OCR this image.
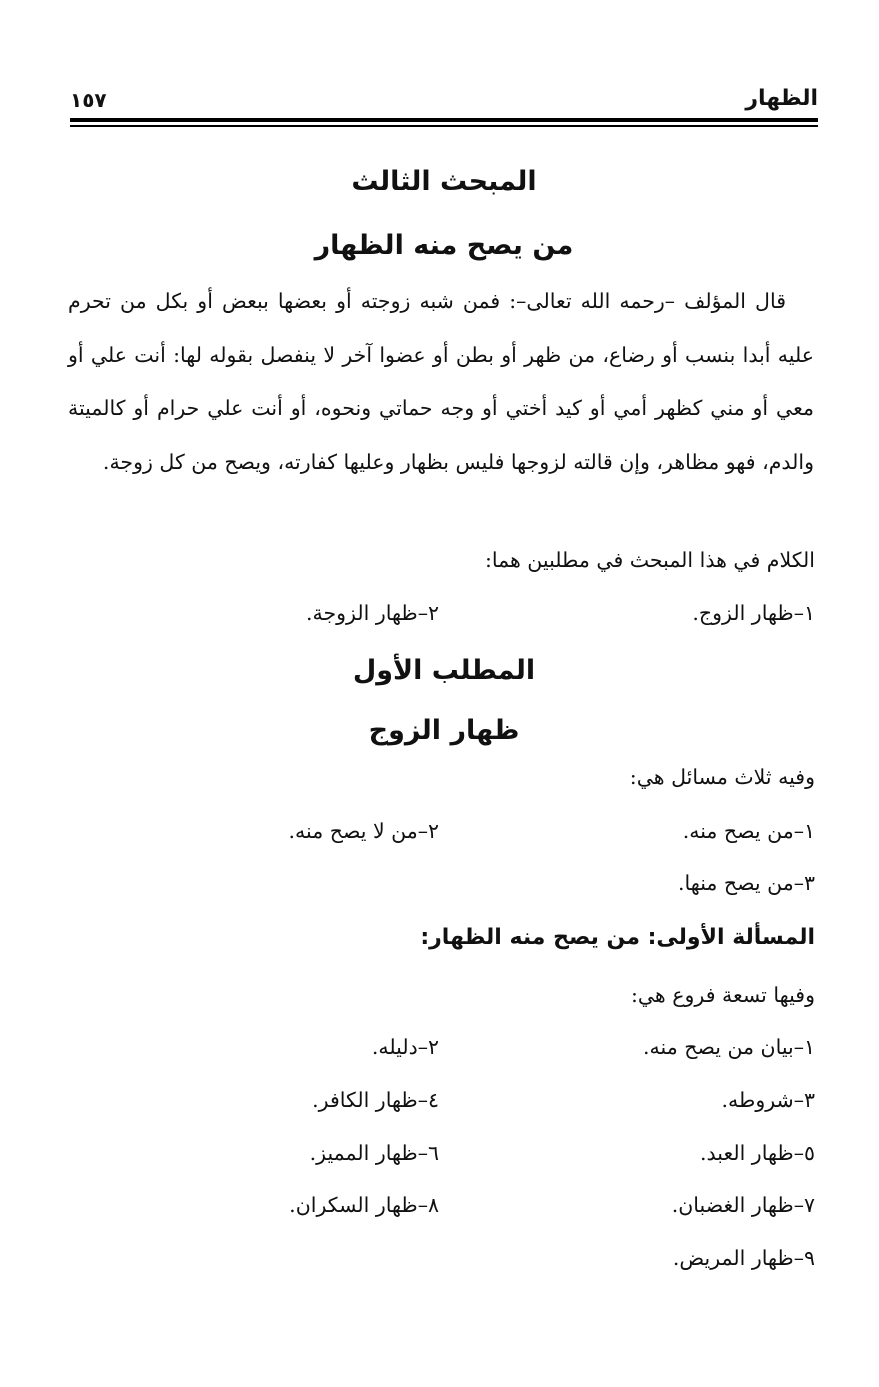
الظهار
١٥٧
المبحث الثالث
من يصح منه الظهار
قال المؤلف –رحمه الله تعالى–: فمن شبه زوجته أو بعضها ببعض أو بكل من تحرم عليه أبدا بنسب أو رضاع، من ظهر أو بطن أو عضوا آخر لا ينفصل بقوله لها: أنت علي أو معي أو مني كظهر أمي أو كيد أختي أو وجه حماتي ونحوه، أو أنت علي حرام أو كالميتة والدم، فهو مظاهر، وإن قالته لزوجها فليس بظهار وعليها كفارته، ويصح من كل زوجة.
الكلام في هذا المبحث في مطلبين هما:
١–ظهار الزوج.
٢–ظهار الزوجة.
المطلب الأول
ظهار الزوج
وفيه ثلاث مسائل هي:
١–من يصح منه.
٢–من لا يصح منه.
٣–من يصح منها.
المسألة الأولى: من يصح منه الظهار:
وفيها تسعة فروع هي:
١–بيان من يصح منه.
٢–دليله.
٣–شروطه.
٤–ظهار الكافر.
٥–ظهار العبد.
٦–ظهار المميز.
٧–ظهار الغضبان.
٨–ظهار السكران.
٩–ظهار المريض.
